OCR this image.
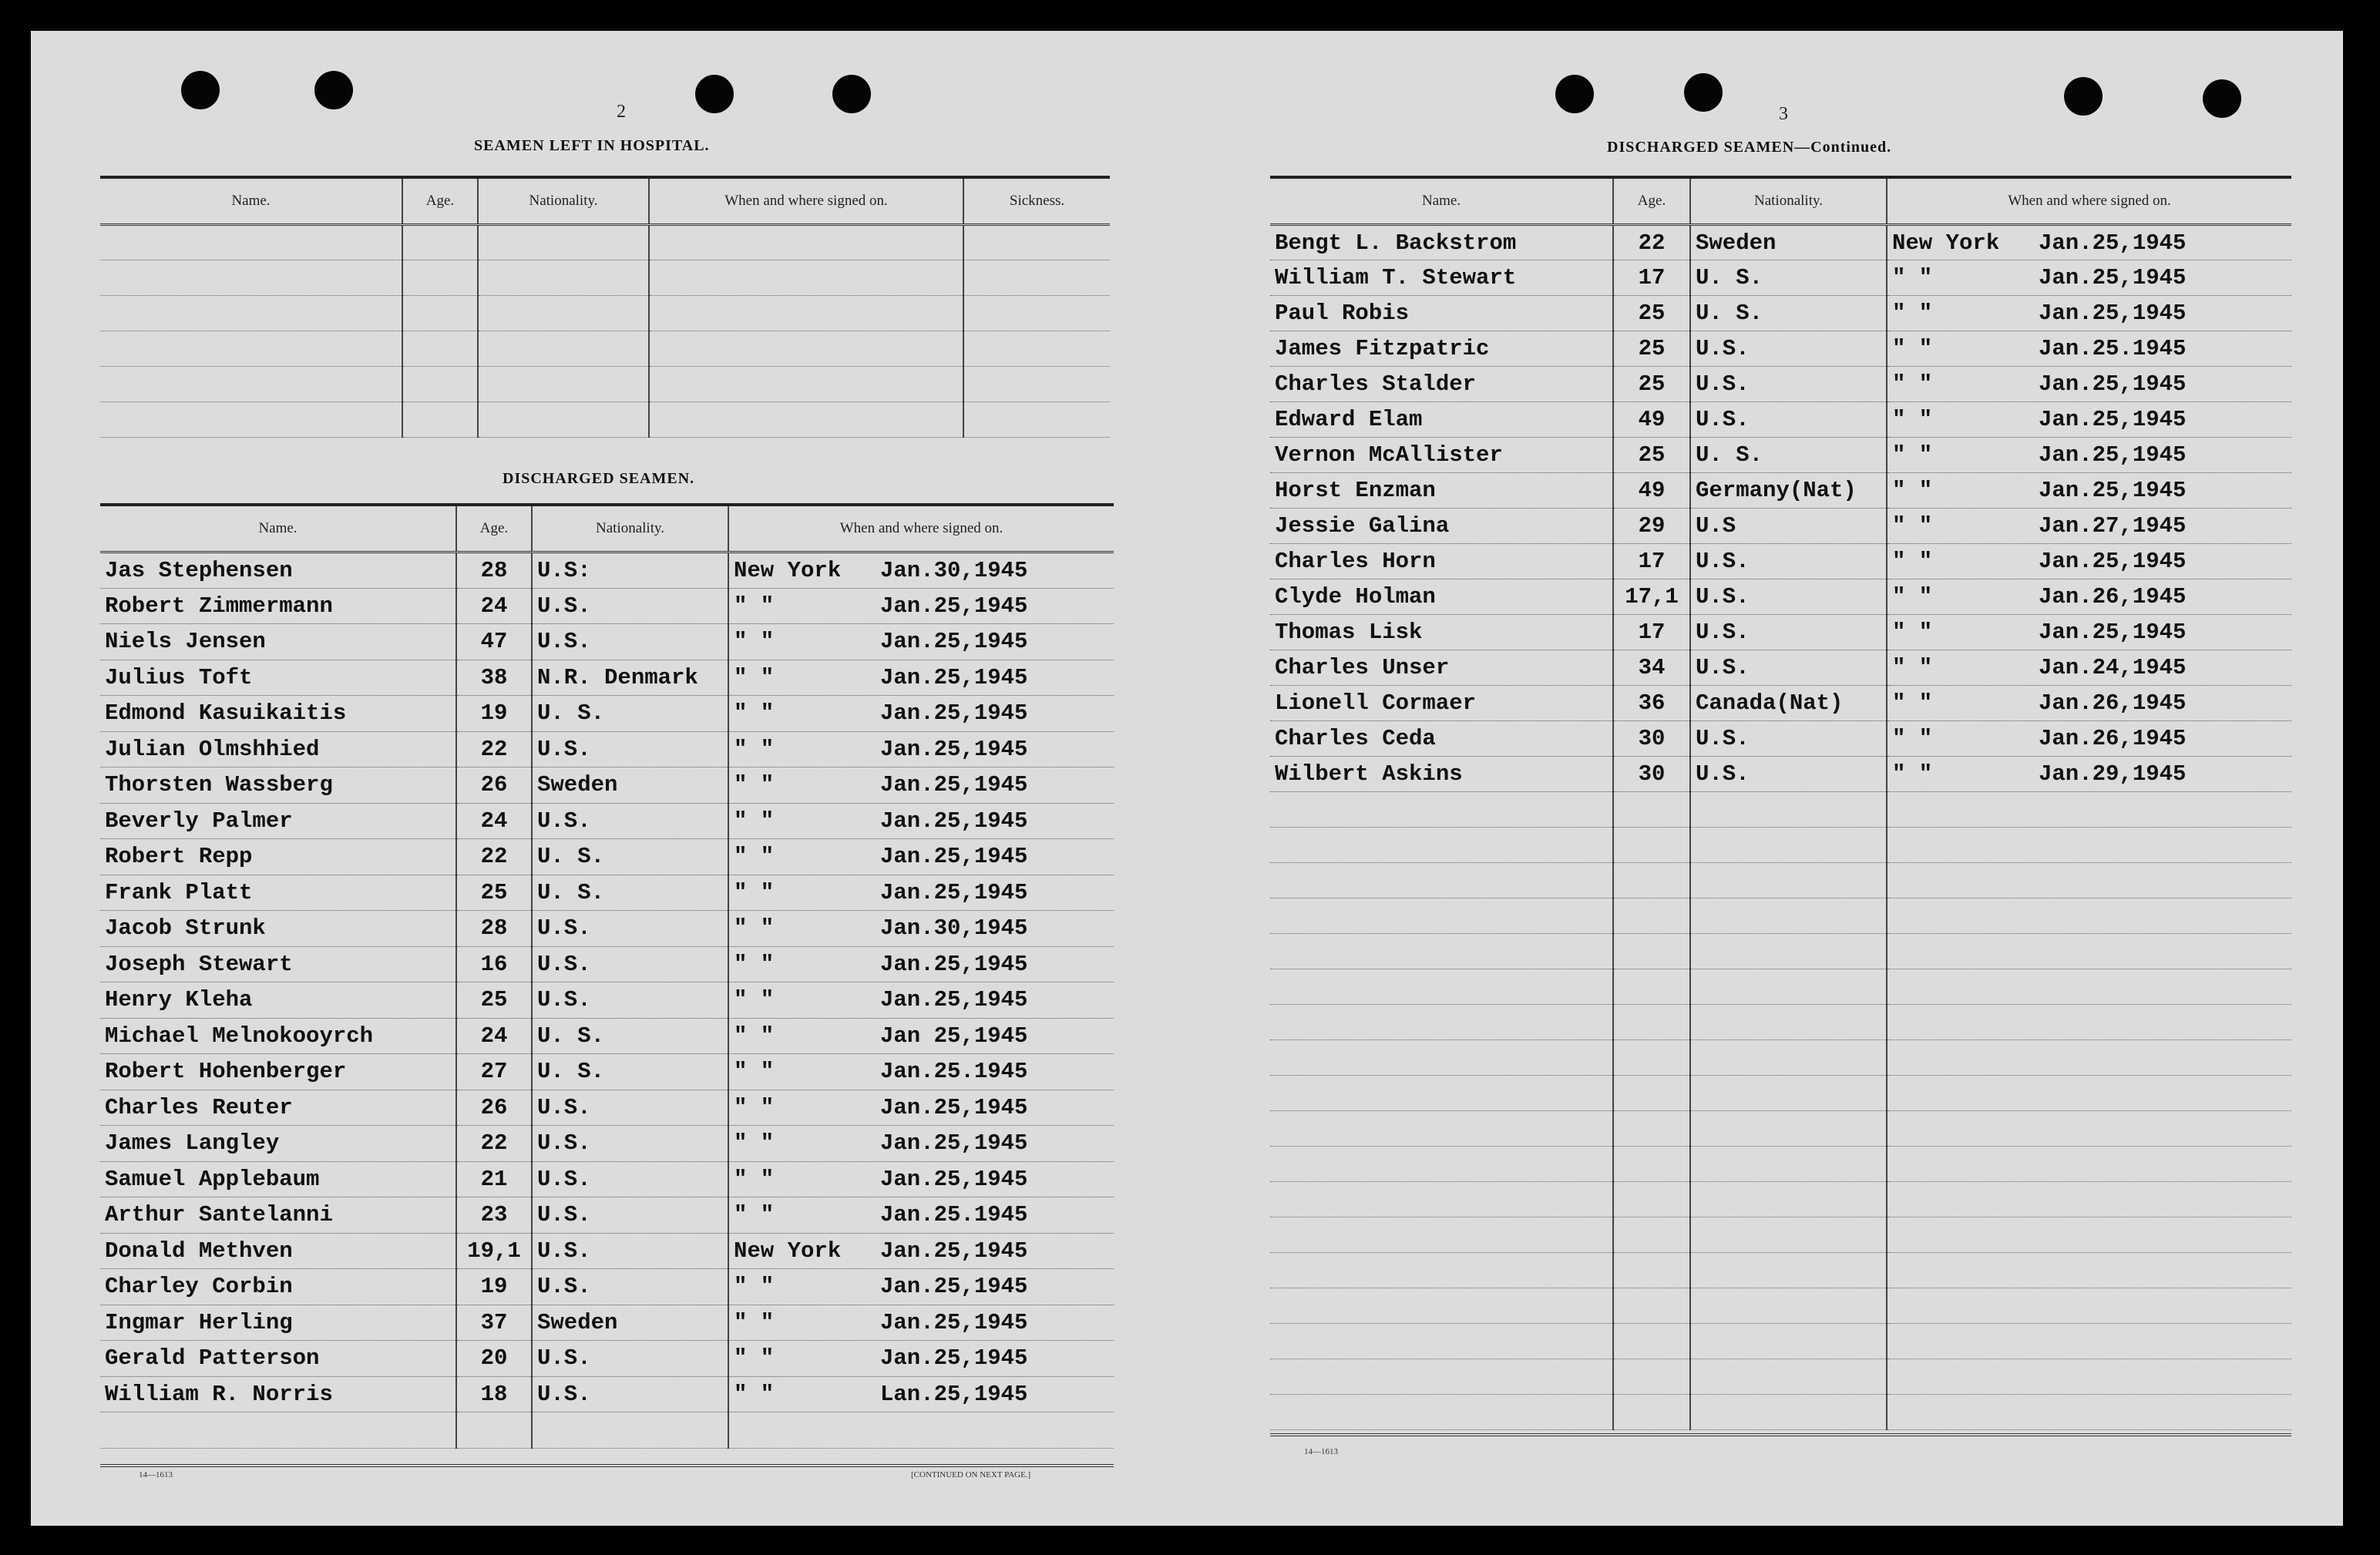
2
SEAMEN LEFT IN HOSPITAL.
Name.	Age.	Nationality.	When and where signed on.	Sickness.

DISCHARGED SEAMEN.
Name.	Age.	Nationality.	When and where signed on.
Jas Stephensen	28	U.S:	New York Jan.30,1945
Robert Zimmermann	24	U.S.	" " Jan.25,1945
Niels Jensen	47	U.S.	" " Jan.25,1945
Julius Toft	38	N.R. Denmark	" " Jan.25,1945
Edmond Kasuikaitis	19	U. S.	" " Jan.25,1945
Julian Olmshhied	22	U.S.	" " Jan.25,1945
Thorsten Wassberg	26	Sweden	" " Jan.25,1945
Beverly Palmer	24	U.S.	" " Jan.25,1945
Robert Repp	22	U. S.	" " Jan.25,1945
Frank Platt	25	U. S.	" " Jan.25,1945
Jacob Strunk	28	U.S.	" " Jan.30,1945
Joseph Stewart	16	U.S.	" " Jan.25,1945
Henry Kleha	25	U.S.	" " Jan.25,1945
Michael Melnokooyrch	24	U. S.	" " Jan 25,1945
Robert Hohenberger	27	U. S.	" " Jan.25.1945
Charles Reuter	26	U.S.	" " Jan.25,1945
James Langley	22	U.S.	" " Jan.25,1945
Samuel Applebaum	21	U.S.	" " Jan.25,1945
Arthur Santelanni	23	U.S.	" " Jan.25.1945
Donald Methven	19,1	U.S.	New York Jan.25,1945
Charley Corbin	19	U.S.	" " Jan.25,1945
Ingmar Herling	37	Sweden	" " Jan.25,1945
Gerald Patterson	20	U.S.	" " Jan.25,1945
William R. Norris	18	U.S.	" " Lan.25,1945

14—1613	[CONTINUED ON NEXT PAGE.]
3
DISCHARGED SEAMEN—Continued.
Name.	Age.	Nationality.	When and where signed on.
Bengt L. Backstrom	22	Sweden	New York Jan.25,1945
William T. Stewart	17	U. S.	" " Jan.25,1945
Paul Robis	25	U. S.	" " Jan.25,1945
James Fitzpatric	25	U.S.	" " Jan.25.1945
Charles Stalder	25	U.S.	" " Jan.25,1945
Edward Elam	49	U.S.	" " Jan.25,1945
Vernon McAllister	25	U. S.	" " Jan.25,1945
Horst Enzman	49	Germany(Nat)	" " Jan.25,1945
Jessie Galina	29	U.S	" " Jan.27,1945
Charles Horn	17	U.S.	" " Jan.25,1945
Clyde Holman	17,1	U.S.	" " Jan.26,1945
Thomas Lisk	17	U.S.	" " Jan.25,1945
Charles Unser	34	U.S.	" " Jan.24,1945
Lionell Cormaer	36	Canada(Nat)	" " Jan.26,1945
Charles Ceda	30	U.S.	" " Jan.26,1945
Wilbert Askins	30	U.S.	" " Jan.29,1945

14—1613
